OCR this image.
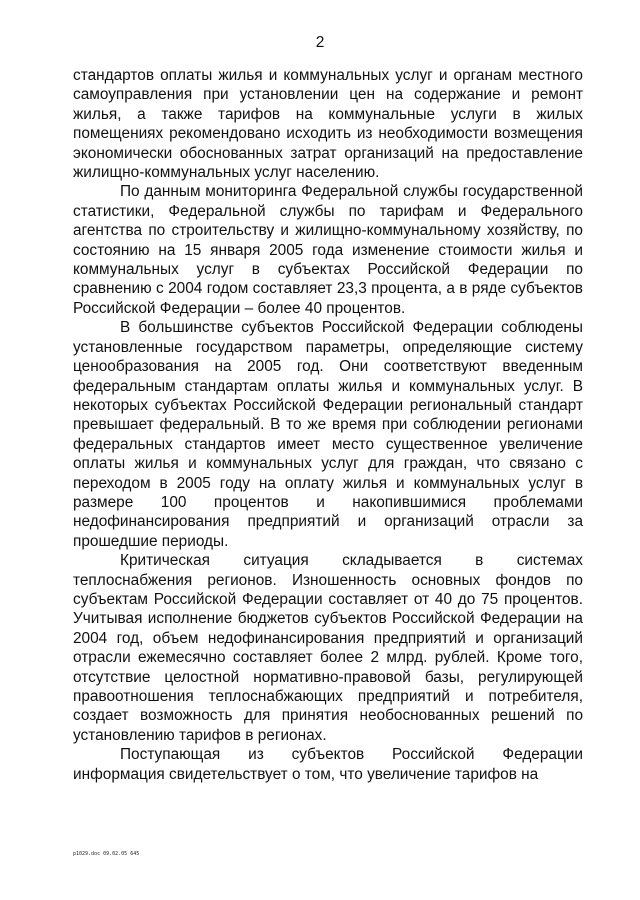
2

стандартов оплаты жилья и коммунальных услуг и органам местного самоуправления при установлении цен на содержание и ремонт жилья, а также тарифов на коммунальные услуги в жилых помещениях рекомендовано исходить из необходимости возмещения экономически обоснованных затрат организаций на предоставление жилищно-коммунальных услуг населению.

По данным мониторинга Федеральной службы государственной статистики, Федеральной службы по тарифам и Федерального агентства по строительству и жилищно-коммунальному хозяйству, по состоянию на 15 января 2005 года изменение стоимости жилья и коммунальных услуг в субъектах Российской Федерации по сравнению с 2004 годом составляет 23,3 процента, а в ряде субъектов Российской Федерации – более 40 процентов.

В большинстве субъектов Российской Федерации соблюдены установленные государством параметры, определяющие систему ценообразования на 2005 год. Они соответствуют введенным федеральным стандартам оплаты жилья и коммунальных услуг. В некоторых субъектах Российской Федерации региональный стандарт превышает федеральный. В то же время при соблюдении регионами федеральных стандартов имеет место существенное увеличение оплаты жилья и коммунальных услуг для граждан, что связано с переходом в 2005 году на оплату жилья и коммунальных услуг в размере 100 процентов и накопившимися проблемами недофинансирования предприятий и организаций отрасли за прошедшие периоды.

Критическая ситуация складывается в системах теплоснабжения регионов. Изношенность основных фондов по субъектам Российской Федерации составляет от 40 до 75 процентов. Учитывая исполнение бюджетов субъектов Российской Федерации на 2004 год, объем недофинансирования предприятий и организаций отрасли ежемесячно составляет более 2 млрд. рублей. Кроме того, отсутствие целостной нормативно-правовой базы, регулирующей правоотношения теплоснабжающих предприятий и потребителя, создает возможность для принятия необоснованных решений по установлению тарифов в регионах.

Поступающая из субъектов Российской Федерации информация свидетельствует о том, что увеличение тарифов на

p1029.doc 09.02.05 645
